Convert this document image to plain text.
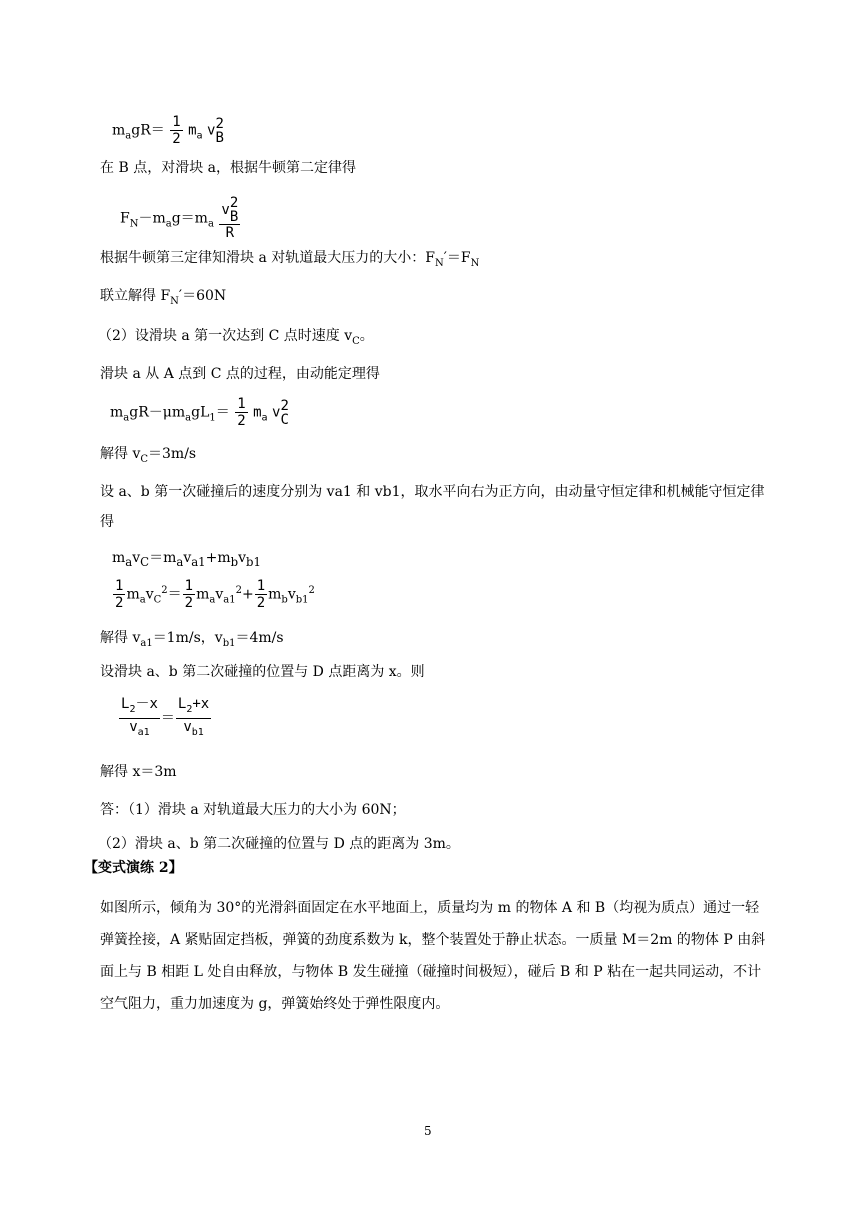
$m_agR= \frac{1}{2} m_a$ v 2
B
在 B 点，对滑块 a，根据牛顿第二定律得
$F_N-m_ag=m_a$ v 2
B
R
根据牛顿第三定律知滑块 a 对轨道最大压力的大小：$F_N'=F_N$
联立解得 $F_N'=60N$
（2）设滑块 a 第一次达到 C 点时速度 $v_C$。
滑块 a 从 A 点到 C 点的过程，由动能定理得
$m_agR-\mu m_agL_1= \frac{1}{2} m_a$ v 2
C
解得 $v_C=3m/s$
设 a、b 第一次碰撞后的速度分别为 va1 和 vb1，取水平向右为正方向，由动量守恒定律和机械能守恒定律
得
$m_av_C=m_av_{a1}+m_bv_{b1}$
$\frac{1}{2} m_av_C^2= \frac{1}{2} m_av_{a1}^2+ \frac{1}{2} m_bv_{b1}^2$
解得 $v_{a1}=1m/s$，$v_{b1}=4m/s$
设滑块 a、b 第二次碰撞的位置与 D 点距离为 x。则
$\frac{L_2-x}{v_{a1}} = \frac{L_2+x}{v_{b1}}$
解得 x＝3m
答：（1）滑块 a 对轨道最大压力的大小为 60N；
（2）滑块 a、b 第二次碰撞的位置与 D 点的距离为 3m。
【变式演练 2】
如图所示，倾角为 30°的光滑斜面固定在水平地面上，质量均为 m 的物体 A 和 B（均视为质点）通过一轻弹簧拴接，A 紧贴固定挡板，弹簧的劲度系数为 k，整个装置处于静止状态。一质量 M＝2m 的物体 P 由斜面上与 B 相距 L 处自由释放，与物体 B 发生碰撞（碰撞时间极短），碰后 B 和 P 粘在一起共同运动，不计空气阻力，重力加速度为 g，弹簧始终处于弹性限度内。
5
